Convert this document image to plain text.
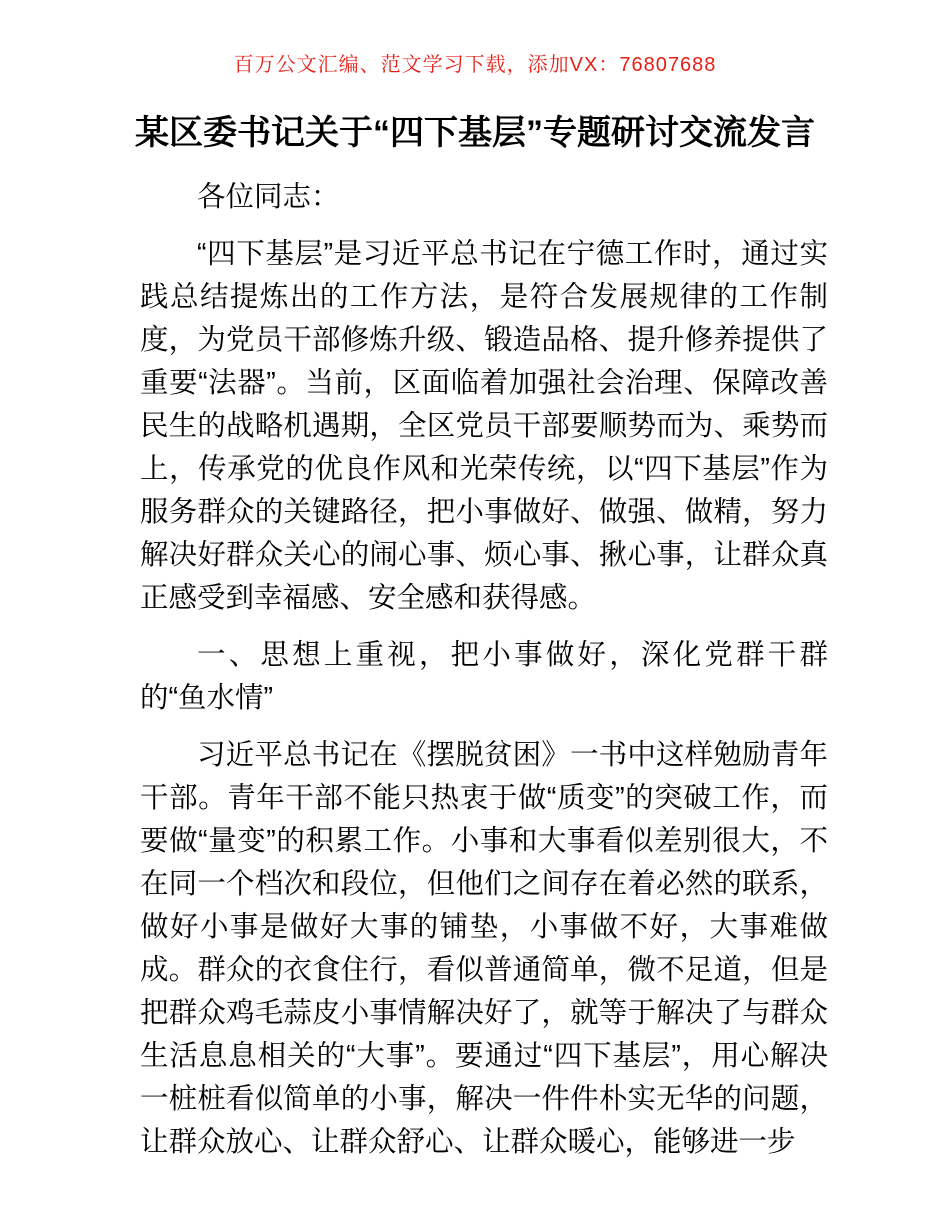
百万公文汇编、范文学习下载，添加VX：76807688
某区委书记关于“四下基层”专题研讨交流发言

各位同志：

“四下基层”是习近平总书记在宁德工作时，通过实践总结提炼出的工作方法，是符合发展规律的工作制度，为党员干部修炼升级、锻造品格、提升修养提供了重要“法器”。当前，区面临着加强社会治理、保障改善民生的战略机遇期，全区党员干部要顺势而为、乘势而上，传承党的优良作风和光荣传统，以“四下基层”作为服务群众的关键路径，把小事做好、做强、做精，努力解决好群众关心的闹心事、烦心事、揪心事，让群众真正感受到幸福感、安全感和获得感。

一、思想上重视，把小事做好，深化党群干群的“鱼水情”

习近平总书记在《摆脱贫困》一书中这样勉励青年干部。青年干部不能只热衷于做“质变”的突破工作，而要做“量变”的积累工作。小事和大事看似差别很大，不在同一个档次和段位，但他们之间存在着必然的联系，做好小事是做好大事的铺垫，小事做不好，大事难做成。群众的衣食住行，看似普通简单，微不足道，但是把群众鸡毛蒜皮小事情解决好了，就等于解决了与群众生活息息相关的“大事”。要通过“四下基层”，用心解决一桩桩看似简单的小事，解决一件件朴实无华的问题，让群众放心、让群众舒心、让群众暖心，能够进一步
